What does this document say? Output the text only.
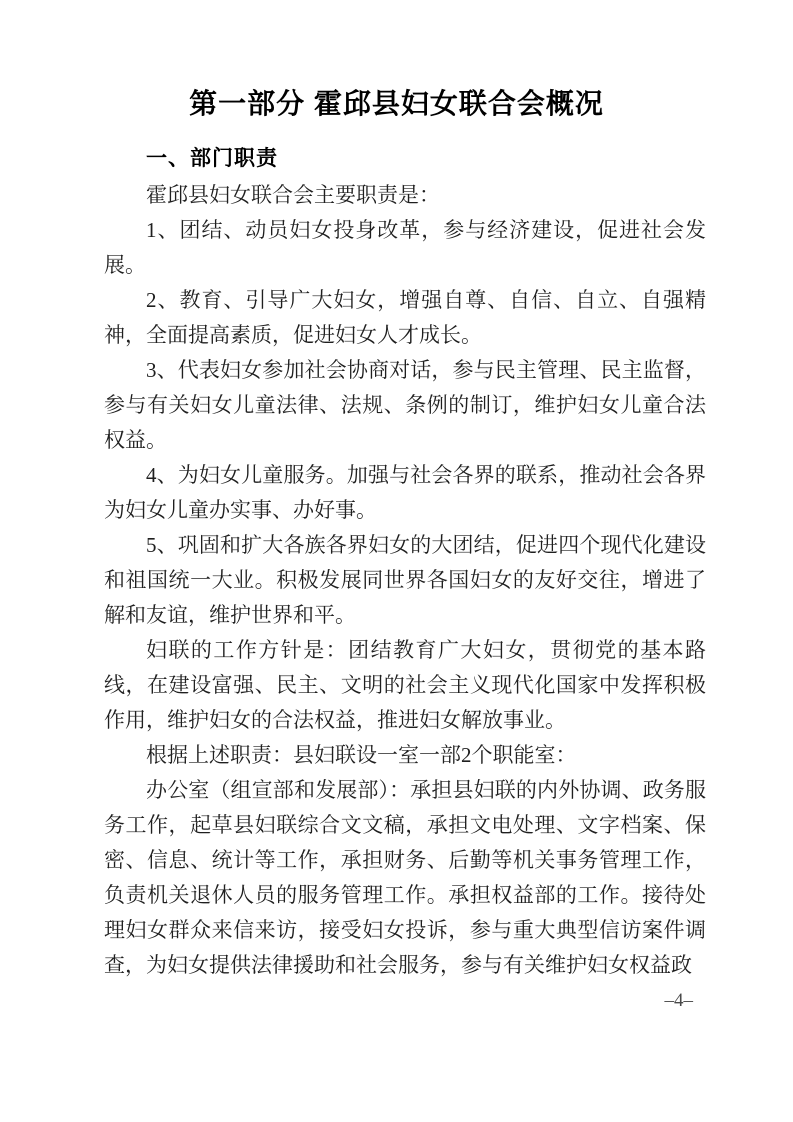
第一部分 霍邱县妇女联合会概况
一、部门职责

霍邱县妇女联合会主要职责是：

1、团结、动员妇女投身改革，参与经济建设，促进社会发展。

2、教育、引导广大妇女，增强自尊、自信、自立、自强精神，全面提高素质，促进妇女人才成长。

3、代表妇女参加社会协商对话，参与民主管理、民主监督，参与有关妇女儿童法律、法规、条例的制订，维护妇女儿童合法权益。

4、为妇女儿童服务。加强与社会各界的联系，推动社会各界为妇女儿童办实事、办好事。

5、巩固和扩大各族各界妇女的大团结，促进四个现代化建设和祖国统一大业。积极发展同世界各国妇女的友好交往，增进了解和友谊，维护世界和平。

妇联的工作方针是：团结教育广大妇女，贯彻党的基本路线，在建设富强、民主、文明的社会主义现代化国家中发挥积极作用，维护妇女的合法权益，推进妇女解放事业。

根据上述职责：县妇联设一室一部2个职能室：

办公室（组宣部和发展部）：承担县妇联的内外协调、政务服务工作，起草县妇联综合文文稿，承担文电处理、文字档案、保密、信息、统计等工作，承担财务、后勤等机关事务管理工作，负责机关退休人员的服务管理工作。承担权益部的工作。接待处理妇女群众来信来访，接受妇女投诉，参与重大典型信访案件调查，为妇女提供法律援助和社会服务，参与有关维护妇女权益政

–4–
